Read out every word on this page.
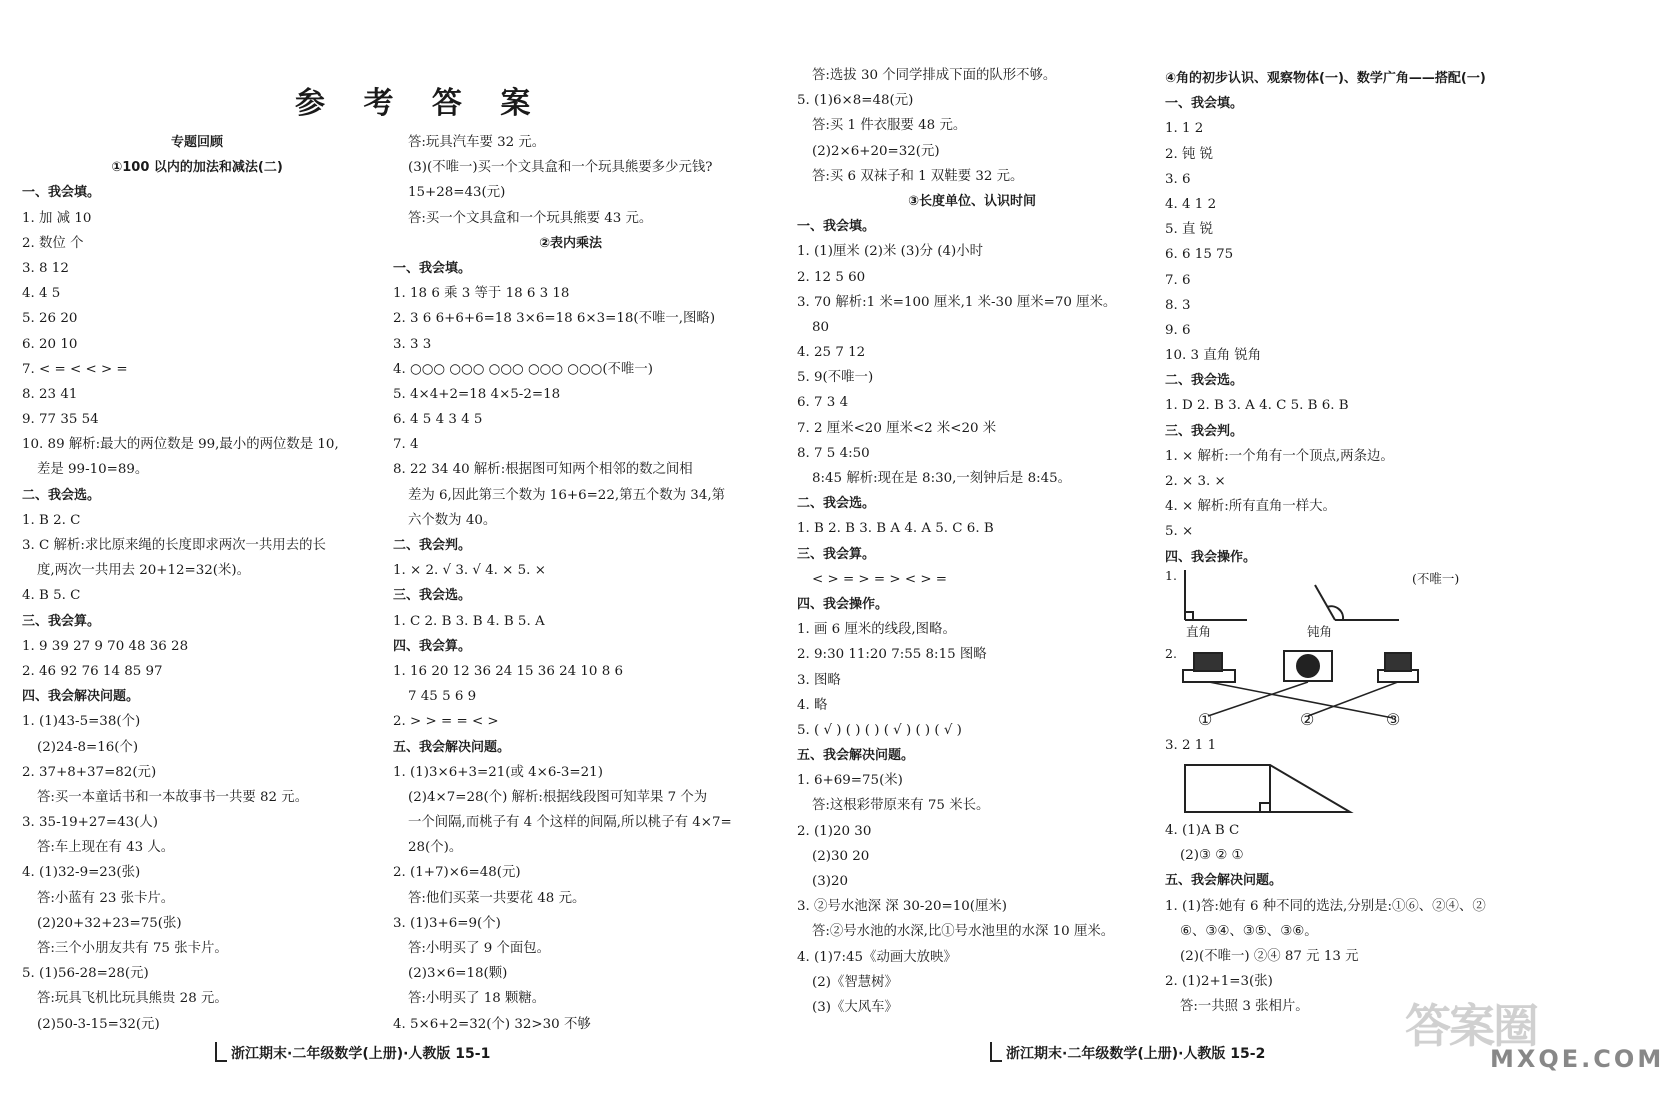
参 考 答 案
专题回顾
①100 以内的加法和减法(二)
一、我会填。
1. 加 减 10
2. 数位 个
3. 8 12
4. 4 5
5. 26 20
6. 20 10
7. < = < < > =
8. 23 41
9. 77 35 54
10. 89 解析:最大的两位数是 99,最小的两位数是 10,
差是 99-10=89。
二、我会选。
1. B 2. C
3. C 解析:求比原来绳的长度即求两次一共用去的长
度,两次一共用去 20+12=32(米)。
4. B 5. C
三、我会算。
1. 9 39 27 9 70 48 36 28
2. 46 92 76 14 85 97
四、我会解决问题。
1. (1)43-5=38(个)
(2)24-8=16(个)
2. 37+8+37=82(元)
答:买一本童话书和一本故事书一共要 82 元。
3. 35-19+27=43(人)
答:车上现在有 43 人。
4. (1)32-9=23(张)
答:小蓝有 23 张卡片。
(2)20+32+23=75(张)
答:三个小朋友共有 75 张卡片。
5. (1)56-28=28(元)
答:玩具飞机比玩具熊贵 28 元。
(2)50-3-15=32(元)
答:玩具汽车要 32 元。
(3)(不唯一)买一个文具盒和一个玩具熊要多少元钱?
15+28=43(元)
答:买一个文具盒和一个玩具熊要 43 元。
②表内乘法
一、我会填。
1. 18 6 乘 3 等于 18 6 3 18
2. 3 6 6+6+6=18 3×6=18 6×3=18(不唯一,图略)
3. 3 3
4. ○○○ ○○○ ○○○ ○○○ ○○○(不唯一)
5. 4×4+2=18 4×5-2=18
6. 4 5 4 3 4 5
7. 4
8. 22 34 40 解析:根据图可知两个相邻的数之间相
差为 6,因此第三个数为 16+6=22,第五个数为 34,第
六个数为 40。
二、我会判。
1. × 2. √ 3. √ 4. × 5. ×
三、我会选。
1. C 2. B 3. B 4. B 5. A
四、我会算。
1. 16 20 12 36 24 15 36 24 10 8 6
7 45 5 6 9
2. > > = = < >
五、我会解决问题。
1. (1)3×6+3=21(或 4×6-3=21)
(2)4×7=28(个) 解析:根据线段图可知苹果 7 个为
一个间隔,而桃子有 4 个这样的间隔,所以桃子有 4×7=
28(个)。
2. (1+7)×6=48(元)
答:他们买菜一共要花 48 元。
3. (1)3+6=9(个)
答:小明买了 9 个面包。
(2)3×6=18(颗)
答:小明买了 18 颗糖。
4. 5×6+2=32(个) 32>30 不够
答:选拔 30 个同学排成下面的队形不够。
5. (1)6×8=48(元)
答:买 1 件衣服要 48 元。
(2)2×6+20=32(元)
答:买 6 双袜子和 1 双鞋要 32 元。
③长度单位、认识时间
一、我会填。
1. (1)厘米 (2)米 (3)分 (4)小时
2. 12 5 60
3. 70 解析:1 米=100 厘米,1 米-30 厘米=70 厘米。
80
4. 25 7 12
5. 9(不唯一)
6. 7 3 4
7. 2 厘米<20 厘米<2 米<20 米
8. 7 5 4:50
8:45 解析:现在是 8:30,一刻钟后是 8:45。
二、我会选。
1. B 2. B 3. B A 4. A 5. C 6. B
三、我会算。
< > = > = > < > =
四、我会操作。
1. 画 6 厘米的线段,图略。
2. 9:30 11:20 7:55 8:15 图略
3. 图略
4. 略
5. ( √ ) ( ) ( ) ( √ ) ( ) ( √ )
五、我会解决问题。
1. 6+69=75(米)
答:这根彩带原来有 75 米长。
2. (1)20 30
(2)30 20
(3)20
3. ②号水池深 深 30-20=10(厘米)
答:②号水池的水深,比①号水池里的水深 10 厘米。
4. (1)7:45《动画大放映》
(2)《智慧树》
(3)《大风车》
④角的初步认识、观察物体(一)、数学广角——搭配(一)
一、我会填。
1. 1 2
2. 钝 锐
3. 6
4. 4 1 2
5. 直 锐
6. 6 15 75
7. 6
8. 3
9. 6
10. 3 直角 锐角
二、我会选。
1. D 2. B 3. A 4. C 5. B 6. B
三、我会判。
1. × 解析:一个角有一个顶点,两条边。
2. × 3. ×
4. × 解析:所有直角一样大。
5. ×
四、我会操作。
4. (1)A B C
(2)③ ② ①
五、我会解决问题。
1. (1)答:她有 6 种不同的选法,分别是:①⑥、②④、②
⑥、③④、③⑤、③⑥。
(2)(不唯一) ②④ 87 元 13 元
2. (1)2+1=3(张)
答:一共照 3 张相片。
1.	(不唯一)
直角	钝角
2.
①	②	③
3. 2 1 1
浙江期末·二年级数学(上册)·人教版 15-1	浙江期末·二年级数学(上册)·人教版 15-2
答案圈
MXQE.COM
